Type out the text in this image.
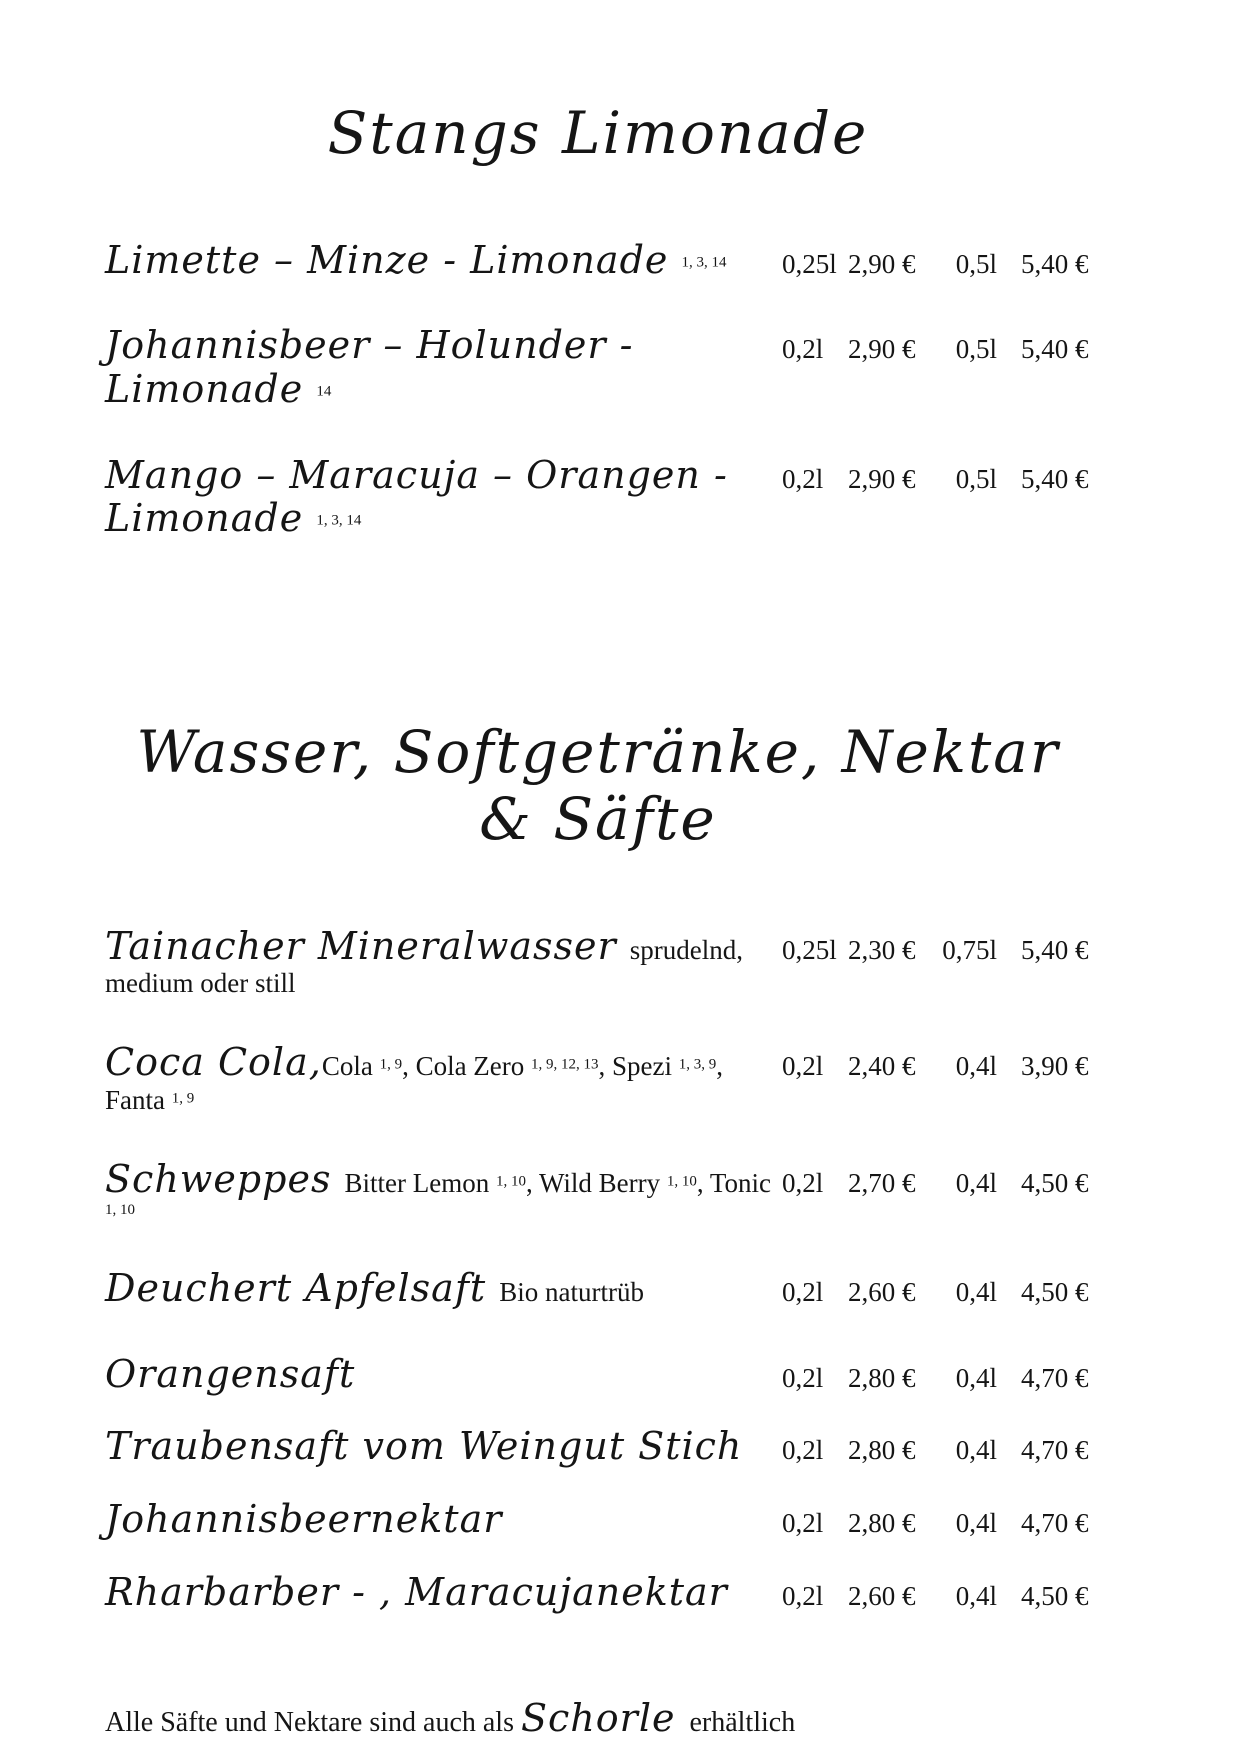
Stangs Limonade
Limette – Minze - Limonade 1, 3, 14	0,25l 2,90 €	0,5l 5,40 €
Johannisbeer – Holunder - Limonade 14
0,2l 2,90 €	0,5l 5,40 €
Mango – Maracuja – Orangen - Limonade 1, 3, 14
0,2l 2,90 €	0,5l 5,40 €
Wasser, Softgetränke, Nektar & Säfte
Tainacher Mineralwasser sprudelnd, medium oder still
0,25l 2,30 € 0,75l 5,40 €
Coca Cola,Cola 1, 9, Cola Zero 1, 9, 12, 13, Spezi 1, 3, 9, Fanta 1, 9
0,2l 2,40 €	0,4l 3,90 €
Schweppes Bitter Lemon 1, 10, Wild Berry 1, 10, Tonic 1, 10
0,2l 2,70 €	0,4l 4,50 €
Deuchert Apfelsaft Bio naturtrüb	0,2l 2,60 €	0,4l 4,50 €
Orangensaft	0,2l 2,80 €	0,4l 4,70 €
Traubensaft vom Weingut Stich	0,2l 2,80 €	0,4l 4,70 €
Johannisbeernektar	0,2l 2,80 €	0,4l 4,70 €
Rharbarber - , Maracujanektar	0,2l 2,60 €	0,4l 4,50 €
Alle Säfte und Nektare sind auch als Schorle  erhältlich
